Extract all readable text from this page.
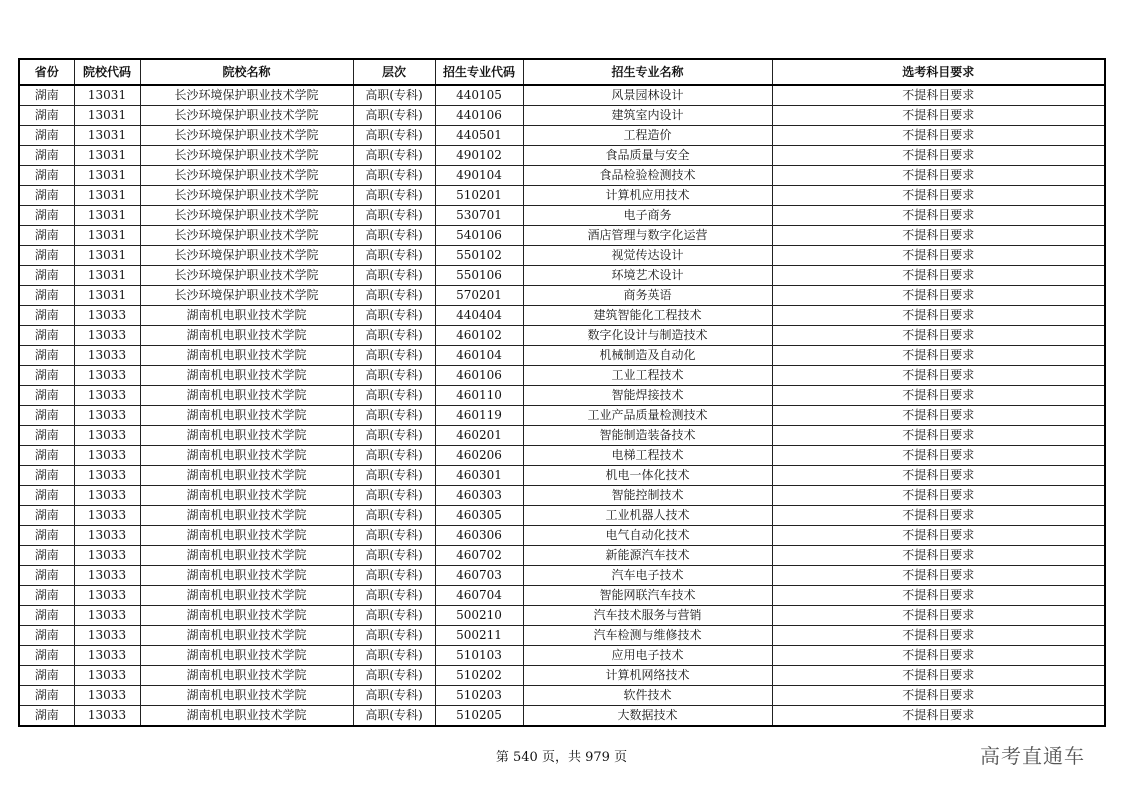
省份	院校代码	院校名称	层次	招生专业代码	招生专业名称	选考科目要求
湖南	13031	长沙环境保护职业技术学院	高职(专科)	440105	风景园林设计	不提科目要求
湖南	13031	长沙环境保护职业技术学院	高职(专科)	440106	建筑室内设计	不提科目要求
湖南	13031	长沙环境保护职业技术学院	高职(专科)	440501	工程造价	不提科目要求
湖南	13031	长沙环境保护职业技术学院	高职(专科)	490102	食品质量与安全	不提科目要求
湖南	13031	长沙环境保护职业技术学院	高职(专科)	490104	食品检验检测技术	不提科目要求
湖南	13031	长沙环境保护职业技术学院	高职(专科)	510201	计算机应用技术	不提科目要求
湖南	13031	长沙环境保护职业技术学院	高职(专科)	530701	电子商务	不提科目要求
湖南	13031	长沙环境保护职业技术学院	高职(专科)	540106	酒店管理与数字化运营	不提科目要求
湖南	13031	长沙环境保护职业技术学院	高职(专科)	550102	视觉传达设计	不提科目要求
湖南	13031	长沙环境保护职业技术学院	高职(专科)	550106	环境艺术设计	不提科目要求
湖南	13031	长沙环境保护职业技术学院	高职(专科)	570201	商务英语	不提科目要求
湖南	13033	湖南机电职业技术学院	高职(专科)	440404	建筑智能化工程技术	不提科目要求
湖南	13033	湖南机电职业技术学院	高职(专科)	460102	数字化设计与制造技术	不提科目要求
湖南	13033	湖南机电职业技术学院	高职(专科)	460104	机械制造及自动化	不提科目要求
湖南	13033	湖南机电职业技术学院	高职(专科)	460106	工业工程技术	不提科目要求
湖南	13033	湖南机电职业技术学院	高职(专科)	460110	智能焊接技术	不提科目要求
湖南	13033	湖南机电职业技术学院	高职(专科)	460119	工业产品质量检测技术	不提科目要求
湖南	13033	湖南机电职业技术学院	高职(专科)	460201	智能制造装备技术	不提科目要求
湖南	13033	湖南机电职业技术学院	高职(专科)	460206	电梯工程技术	不提科目要求
湖南	13033	湖南机电职业技术学院	高职(专科)	460301	机电一体化技术	不提科目要求
湖南	13033	湖南机电职业技术学院	高职(专科)	460303	智能控制技术	不提科目要求
湖南	13033	湖南机电职业技术学院	高职(专科)	460305	工业机器人技术	不提科目要求
湖南	13033	湖南机电职业技术学院	高职(专科)	460306	电气自动化技术	不提科目要求
湖南	13033	湖南机电职业技术学院	高职(专科)	460702	新能源汽车技术	不提科目要求
湖南	13033	湖南机电职业技术学院	高职(专科)	460703	汽车电子技术	不提科目要求
湖南	13033	湖南机电职业技术学院	高职(专科)	460704	智能网联汽车技术	不提科目要求
湖南	13033	湖南机电职业技术学院	高职(专科)	500210	汽车技术服务与营销	不提科目要求
湖南	13033	湖南机电职业技术学院	高职(专科)	500211	汽车检测与维修技术	不提科目要求
湖南	13033	湖南机电职业技术学院	高职(专科)	510103	应用电子技术	不提科目要求
湖南	13033	湖南机电职业技术学院	高职(专科)	510202	计算机网络技术	不提科目要求
湖南	13033	湖南机电职业技术学院	高职(专科)	510203	软件技术	不提科目要求
湖南	13033	湖南机电职业技术学院	高职(专科)	510205	大数据技术	不提科目要求
第 540 页，共 979 页	高考直通车
